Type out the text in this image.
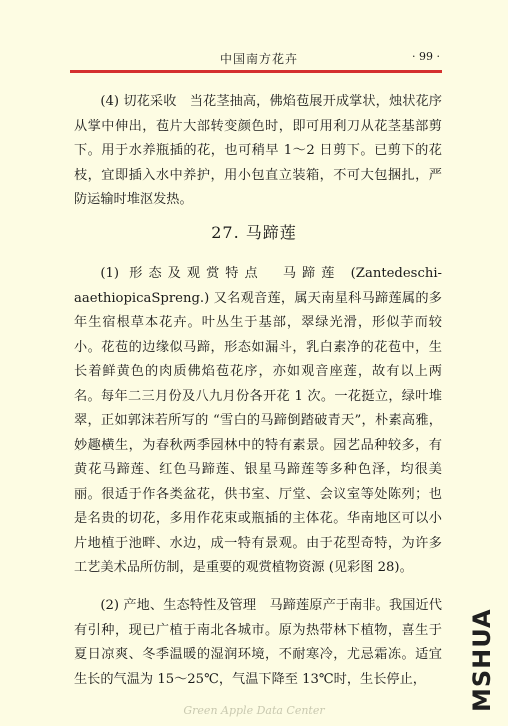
中国南方花卉	· 99 ·
(4) 切花采收　当花茎抽高，佛焰苞展开成掌状，烛状花序从掌中伸出，苞片大部转变颜色时，即可用利刀从花茎基部剪下。用于水养瓶插的花，也可稍早 1～2 日剪下。已剪下的花枝，宜即插入水中养护，用小包直立装箱，不可大包捆扎，严防运输时堆沤发热。
27. 马蹄莲
(1) 形态及观赏特点　马蹄莲 (Zantedeschi-aaethiopicaSpreng.) 又名观音莲，属天南星科马蹄莲属的多年生宿根草本花卉。叶丛生于基部，翠绿光滑，形似芋而较小。花苞的边缘似马蹄，形态如漏斗，乳白素净的花苞中，生长着鲜黄色的肉质佛焰苞花序，亦如观音座莲，故有以上两名。每年二三月份及八九月份各开花 1 次。一花挺立，绿叶堆翠，正如郭沫若所写的 “雪白的马蹄倒踏破青天”，朴素高雅，妙趣横生，为春秋两季园林中的特有素景。园艺品种较多，有黄花马蹄莲、红色马蹄莲、银星马蹄莲等多种色泽，均很美丽。很适于作各类盆花，供书室、厅堂、会议室等处陈列；也是名贵的切花，多用作花束或瓶插的主体花。华南地区可以小片地植于池畔、水边，成一特有景观。由于花型奇特，为许多工艺美术品所仿制，是重要的观赏植物资源 (见彩图 28)。
(2) 产地、生态特性及管理　马蹄莲原产于南非。我国近代有引种，现已广植于南北各城市。原为热带林下植物，喜生于夏日凉爽、冬季温暖的湿润环境，不耐寒冷，尤忌霜冻。适宜生长的气温为 15～25℃，气温下降至 13℃时，生长停止，	MSHUA
Green Apple Data Center
